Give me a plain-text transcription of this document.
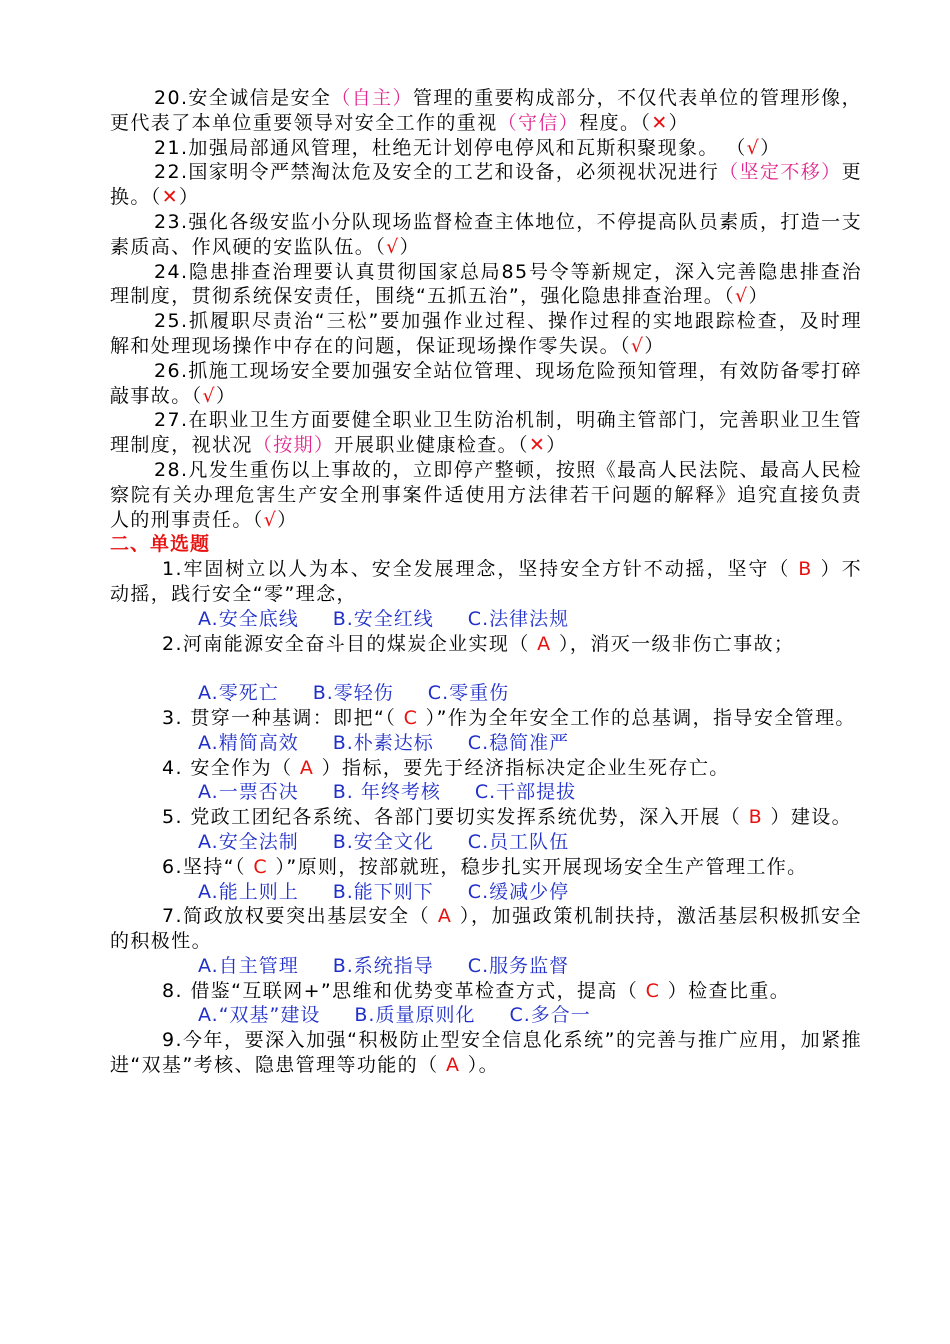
20.安全诚信是安全（自主）管理的重要构成部分，不仅代表单位的管理形像，更代表了本单位重要领导对安全工作的重视（守信）程度。（✕）

21.加强局部通风管理，杜绝无计划停电停风和瓦斯积聚现象。 （√）

22.国家明令严禁淘汰危及安全的工艺和设备，必须视状况进行（坚定不移）更换。（✕）

23.强化各级安监小分队现场监督检查主体地位，不停提高队员素质，打造一支素质高、作风硬的安监队伍。（√）

24.隐患排查治理要认真贯彻国家总局85号令等新规定，深入完善隐患排查治理制度，贯彻系统保安责任，围绕“五抓五治”，强化隐患排查治理。（√）

25.抓履职尽责治“三松”要加强作业过程、操作过程的实地跟踪检查，及时理解和处理现场操作中存在的问题，保证现场操作零失误。（√）

26.抓施工现场安全要加强安全站位管理、现场危险预知管理，有效防备零打碎敲事故。（√）

27.在职业卫生方面要健全职业卫生防治机制，明确主管部门，完善职业卫生管理制度，视状况（按期）开展职业健康检查。（✕）

28.凡发生重伤以上事故的，立即停产整顿，按照《最高人民法院、最高人民检察院有关办理危害生产安全刑事案件适使用方法律若干问题的解释》追究直接负责人的刑事责任。（√）

二、单选题

1.牢固树立以人为本、安全发展理念，坚持安全方针不动摇，坚守（ B ）不动摇，践行安全“零”理念，

A.安全底线 B.安全红线 C.法律法规

2.河南能源安全奋斗目的煤炭企业实现（ A ），消灭一级非伤亡事故；

A.零死亡 B.零轻伤 C.零重伤

3. 贯穿一种基调：即把“（ C ）”作为全年安全工作的总基调，指导安全管理。

A.精简高效 B.朴素达标 C.稳简准严

4. 安全作为（ A ）指标，要先于经济指标决定企业生死存亡。

A.一票否决 B. 年终考核 C.干部提拔

5. 党政工团纪各系统、各部门要切实发挥系统优势，深入开展（ B ）建设。

A.安全法制 B.安全文化 C.员工队伍

6.坚持“（ C ）”原则，按部就班，稳步扎实开展现场安全生产管理工作。

A.能上则上 B.能下则下 C.缓减少停

7.简政放权要突出基层安全（ A ），加强政策机制扶持，激活基层积极抓安全的积极性。

A.自主管理 B.系统指导 C.服务监督

8. 借鉴“互联网+”思维和优势变革检查方式，提高（ C ）检查比重。

A.“双基”建设 B.质量原则化 C.多合一

9.今年，要深入加强“积极防止型安全信息化系统”的完善与推广应用，加紧推进“双基”考核、隐患管理等功能的（ A ）。
